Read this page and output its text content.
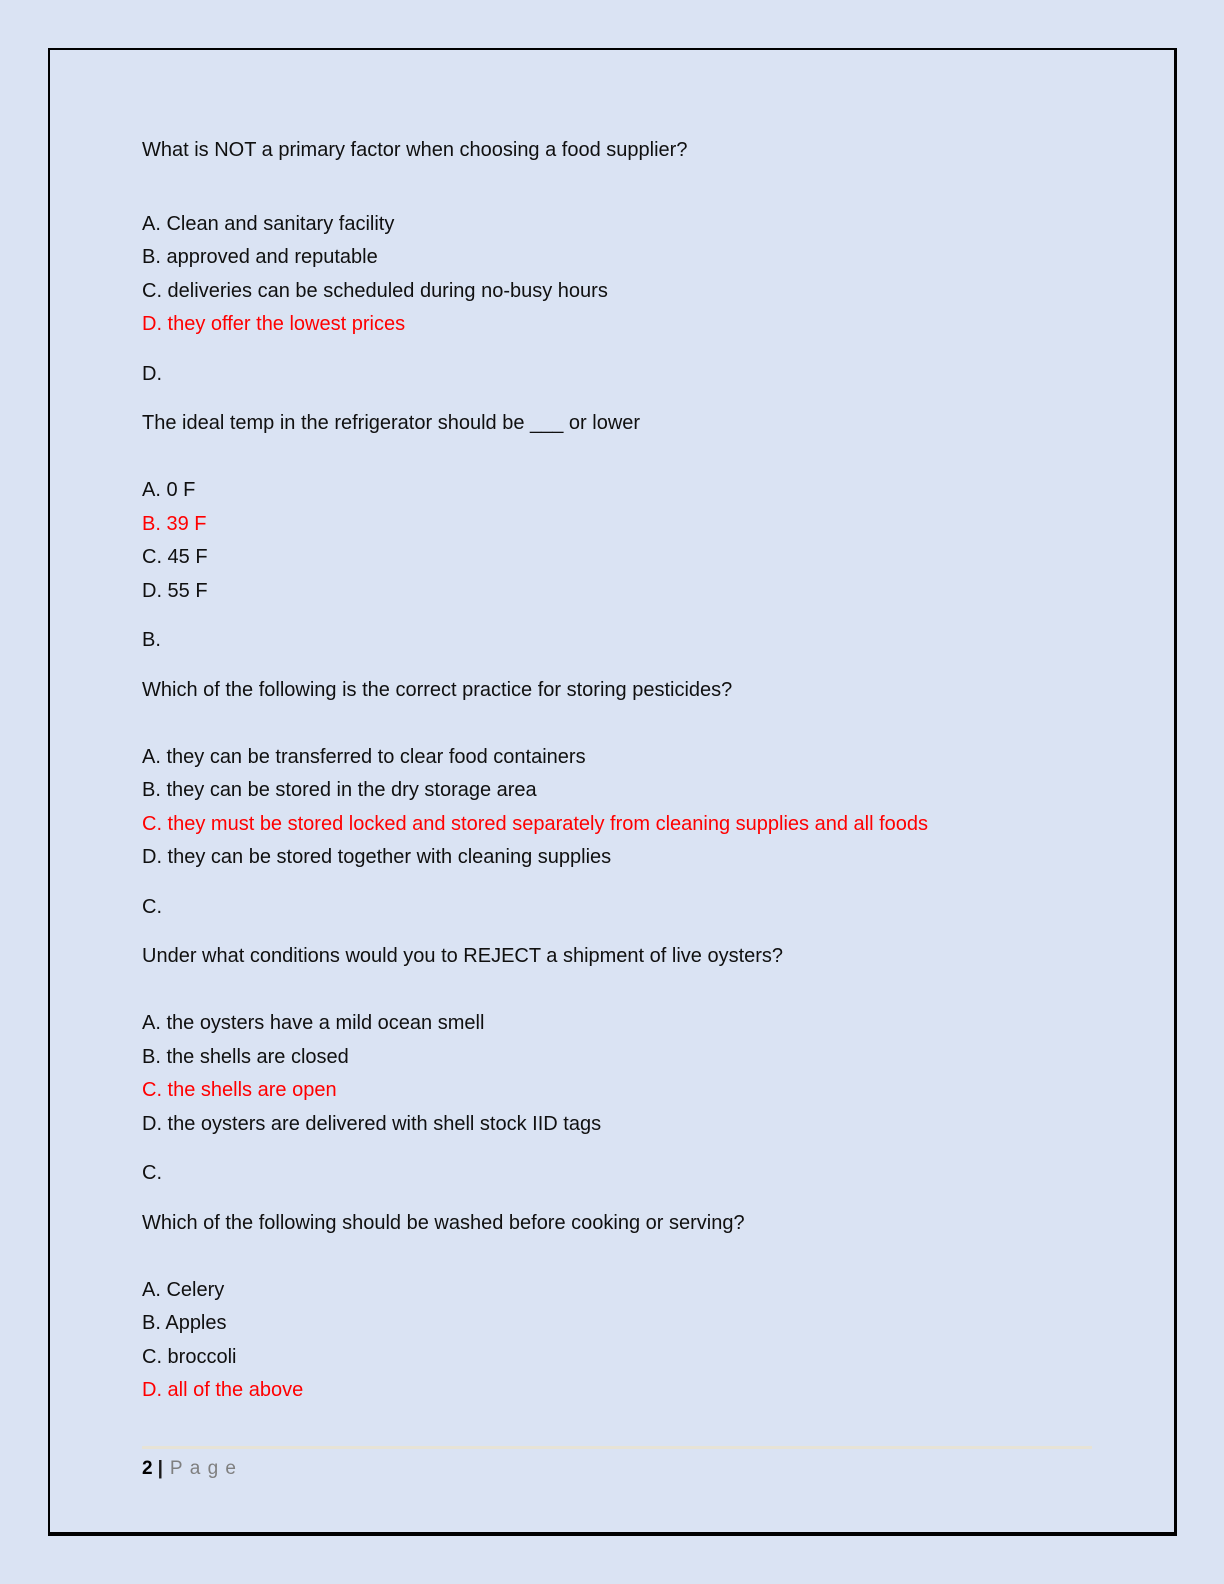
What is NOT a primary factor when choosing a food supplier?

A. Clean and sanitary facility

B. approved and reputable

C. deliveries can be scheduled during no-busy hours

D. they offer the lowest prices

D.

The ideal temp in the refrigerator should be ___ or lower

A. 0 F

B. 39 F

C. 45 F

D. 55 F

B.

Which of the following is the correct practice for storing pesticides?

A. they can be transferred to clear food containers

B. they can be stored in the dry storage area

C. they must be stored locked and stored separately from cleaning supplies and all foods

D. they can be stored together with cleaning supplies

C.

Under what conditions would you to REJECT a shipment of live oysters?

A. the oysters have a mild ocean smell

B. the shells are closed

C. the shells are open

D. the oysters are delivered with shell stock IID tags

C.

Which of the following should be washed before cooking or serving?

A. Celery

B. Apples

C. broccoli

D. all of the above

2 | Page
